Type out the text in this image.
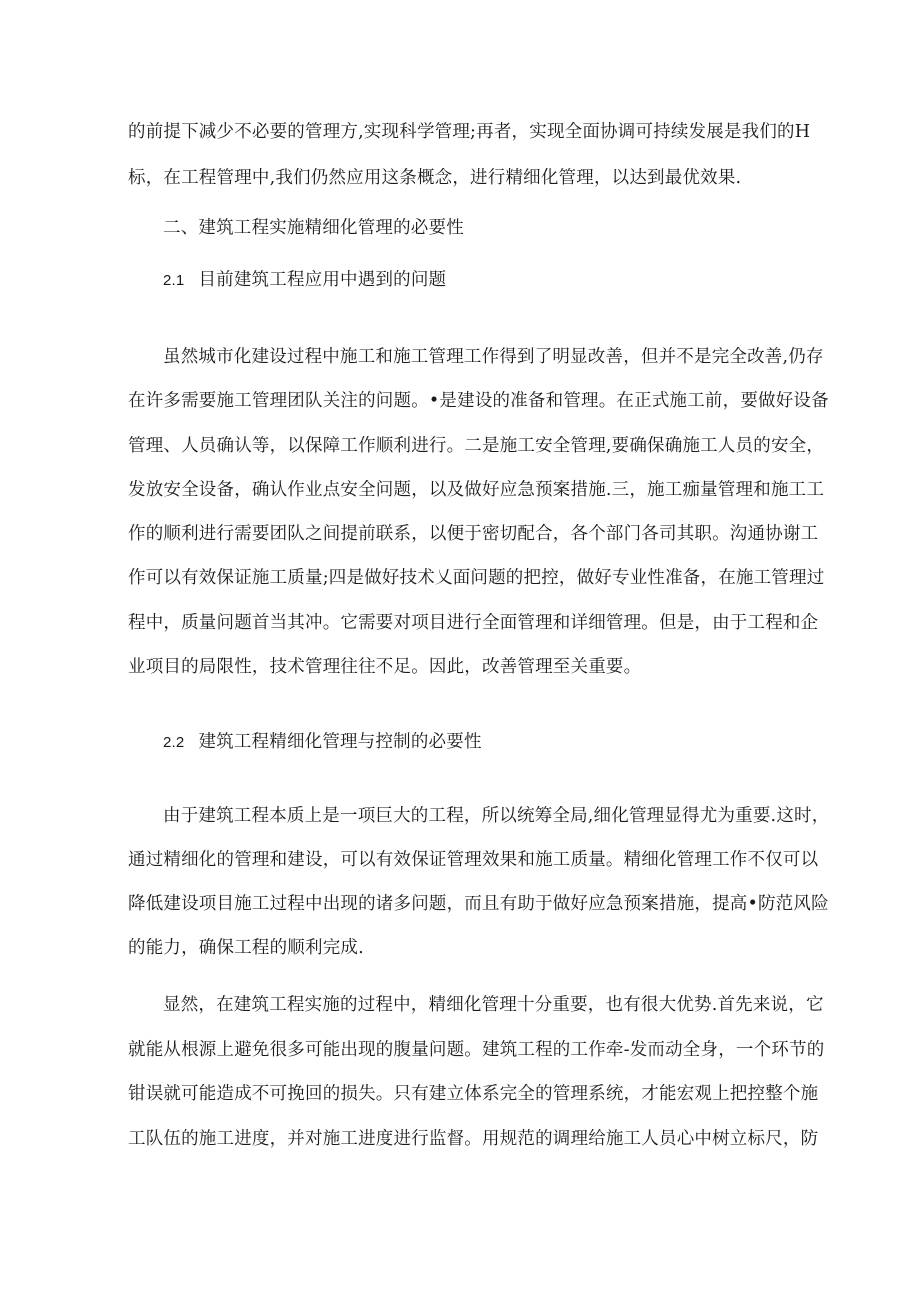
的前提下减少不必要的管理方,实现科学管理;再者，实现全面协调可持续发展是我们的H
标，在工程管理中,我们仍然应用这条概念，进行精细化管理，以达到最优效果.
二、建筑工程实施精细化管理的必要性
2.1 目前建筑工程应用中遇到的问题
虽然城市化建设过程中施工和施工管理工作得到了明显改善，但并不是完全改善,仍存
在许多需要施工管理团队关注的问题。•是建设的准备和管理。在正式施工前，要做好设备
管理、人员确认等，以保障工作顺利进行。二是施工安全管理,要确保确施工人员的安全，
发放安全设备，确认作业点安全问题，以及做好应急预案措施.三，施工痂量管理和施工工
作的顺利进行需要团队之间提前联系，以便于密切配合，各个部门各司其职。沟通协谢工
作可以有效保证施工质量;四是做好技术乂面问题的把控，做好专业性准备，在施工管理过
程中，质量问题首当其冲。它需要对项目进行全面管理和详细管理。但是，由于工程和企
业项目的局限性，技术管理往往不足。因此，改善管理至关重要。
2.2 建筑工程精细化管理与控制的必要性
由于建筑工程本质上是一项巨大的工程，所以统筹全局,细化管理显得尤为重要.这时，
通过精细化的管理和建设，可以有效保证管理效果和施工质量。精细化管理工作不仅可以
降低建设项目施工过程中出现的诸多问题，而且有助于做好应急预案措施，提高•防范风险
的能力，确保工程的顺利完成.
显然，在建筑工程实施的过程中，精细化管理十分重要，也有很大优势.首先来说，它
就能从根源上避免很多可能出现的腹量问题。建筑工程的工作牵-发而动全身，一个环节的
钳误就可能造成不可挽回的损失。只有建立体系完全的管理系统，才能宏观上把控整个施
工队伍的施工进度，并对施工进度进行监督。用规范的调理给施工人员心中树立标尺，防
